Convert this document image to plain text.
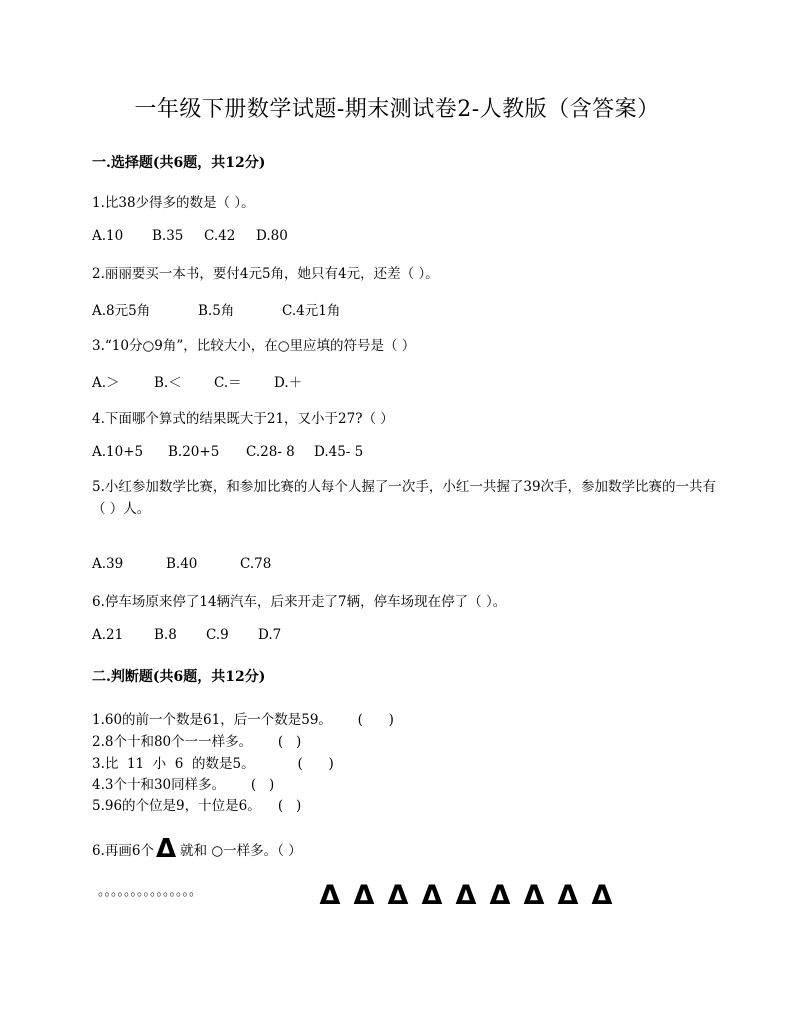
一年级下册数学试题-期末测试卷2-人教版（含答案）
一.选择题(共6题，共12分)
1.比38少得多的数是（ ）。
A.10 B.35 C.42 D.80
2.丽丽要买一本书，要付4元5角，她只有4元，还差（ ）。
A.8元5角	B.5角	C.4元1角
3.“10分○9角”，比较大小，在○里应填的符号是（ ）
A.＞	B.＜ C.＝ D.＋
4.下面哪个算式的结果既大于21，又小于27?（ ）
A.10+5 B.20+5 C.28- 8 D.45- 5
5.小红参加数学比赛，和参加比赛的人每个人握了一次手，小红一共握了39次手，参加数学比赛的一共有（ ）人。
A.39	B.40	C.78
6.停车场原来停了14辆汽车，后来开走了7辆，停车场现在停了（ ）。
A.21 B.8 C.9 D.7
二.判断题(共6题，共12分)
1.60的前一个数是61，后一个数是59。      (      )
2.8个十和80个一一样多。      (   )
3.比  11  小  6  的数是5。          (      )
4.3个十和30同样多。      (   )
5.96的个位是9，十位是6。    (   )
6.再画6个Δ 就和 ○一样多。（ ）
。。。。。。。。。。。。。。。	Δ Δ Δ Δ Δ Δ Δ Δ Δ
